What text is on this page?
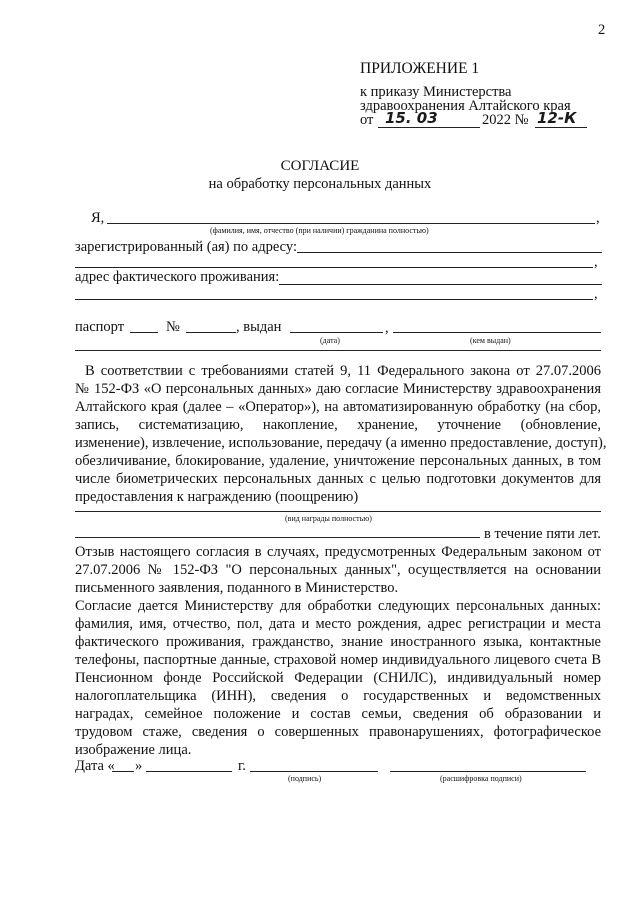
2
ПРИЛОЖЕНИЕ 1
к приказу Министерства
здравоохранения Алтайского края
от 15. 03	2022 № 12-К
СОГЛАСИЕ
на обработку персональных данных
Я,	,
(фамилия, имя, отчество (при наличии) гражданина полностью)
зарегистрированный (ая) по адресу:
,
адрес фактического проживания:
,
паспорт	№	, выдан	,
(дата)	(кем выдан)
В соответствии с требованиями статей 9, 11 Федерального закона от 27.07.2006
№ 152-ФЗ «О персональных данных» даю согласие Министерству здравоохранения
Алтайского края (далее – «Оператор»), на автоматизированную обработку (на сбор,
запись, систематизацию, накопление, хранение, уточнение (обновление,
изменение), извлечение, использование, передачу (а именно предоставление, доступ),
обезличивание, блокирование, удаление, уничтожение персональных данных, в том
числе биометрических персональных данных с целью подготовки документов для
предоставления к награждению (поощрению)
(вид награды полностью)
в течение пяти лет.
Отзыв настоящего согласия в случаях, предусмотренных Федеральным законом от
27.07.2006 № 152-ФЗ "О персональных данных", осуществляется на основании
письменного заявления, поданного в Министерство.
Согласие дается Министерству для обработки следующих персональных данных:
фамилия, имя, отчество, пол, дата и место рождения, адрес регистрации и места
фактического проживания, гражданство, знание иностранного языка, контактные
телефоны, паспортные данные, страховой номер индивидуального лицевого счета В
Пенсионном фонде Российской Федерации (СНИЛС), индивидуальный номер
налогоплательщика (ИНН), сведения о государственных и ведомственных
наградах, семейное положение и состав семьи, сведения об образовании и
трудовом стаже, сведения о совершенных правонарушениях, фотографическое
изображение лица.
Дата « »	г.
(подпись)	(расшифровка подписи)
